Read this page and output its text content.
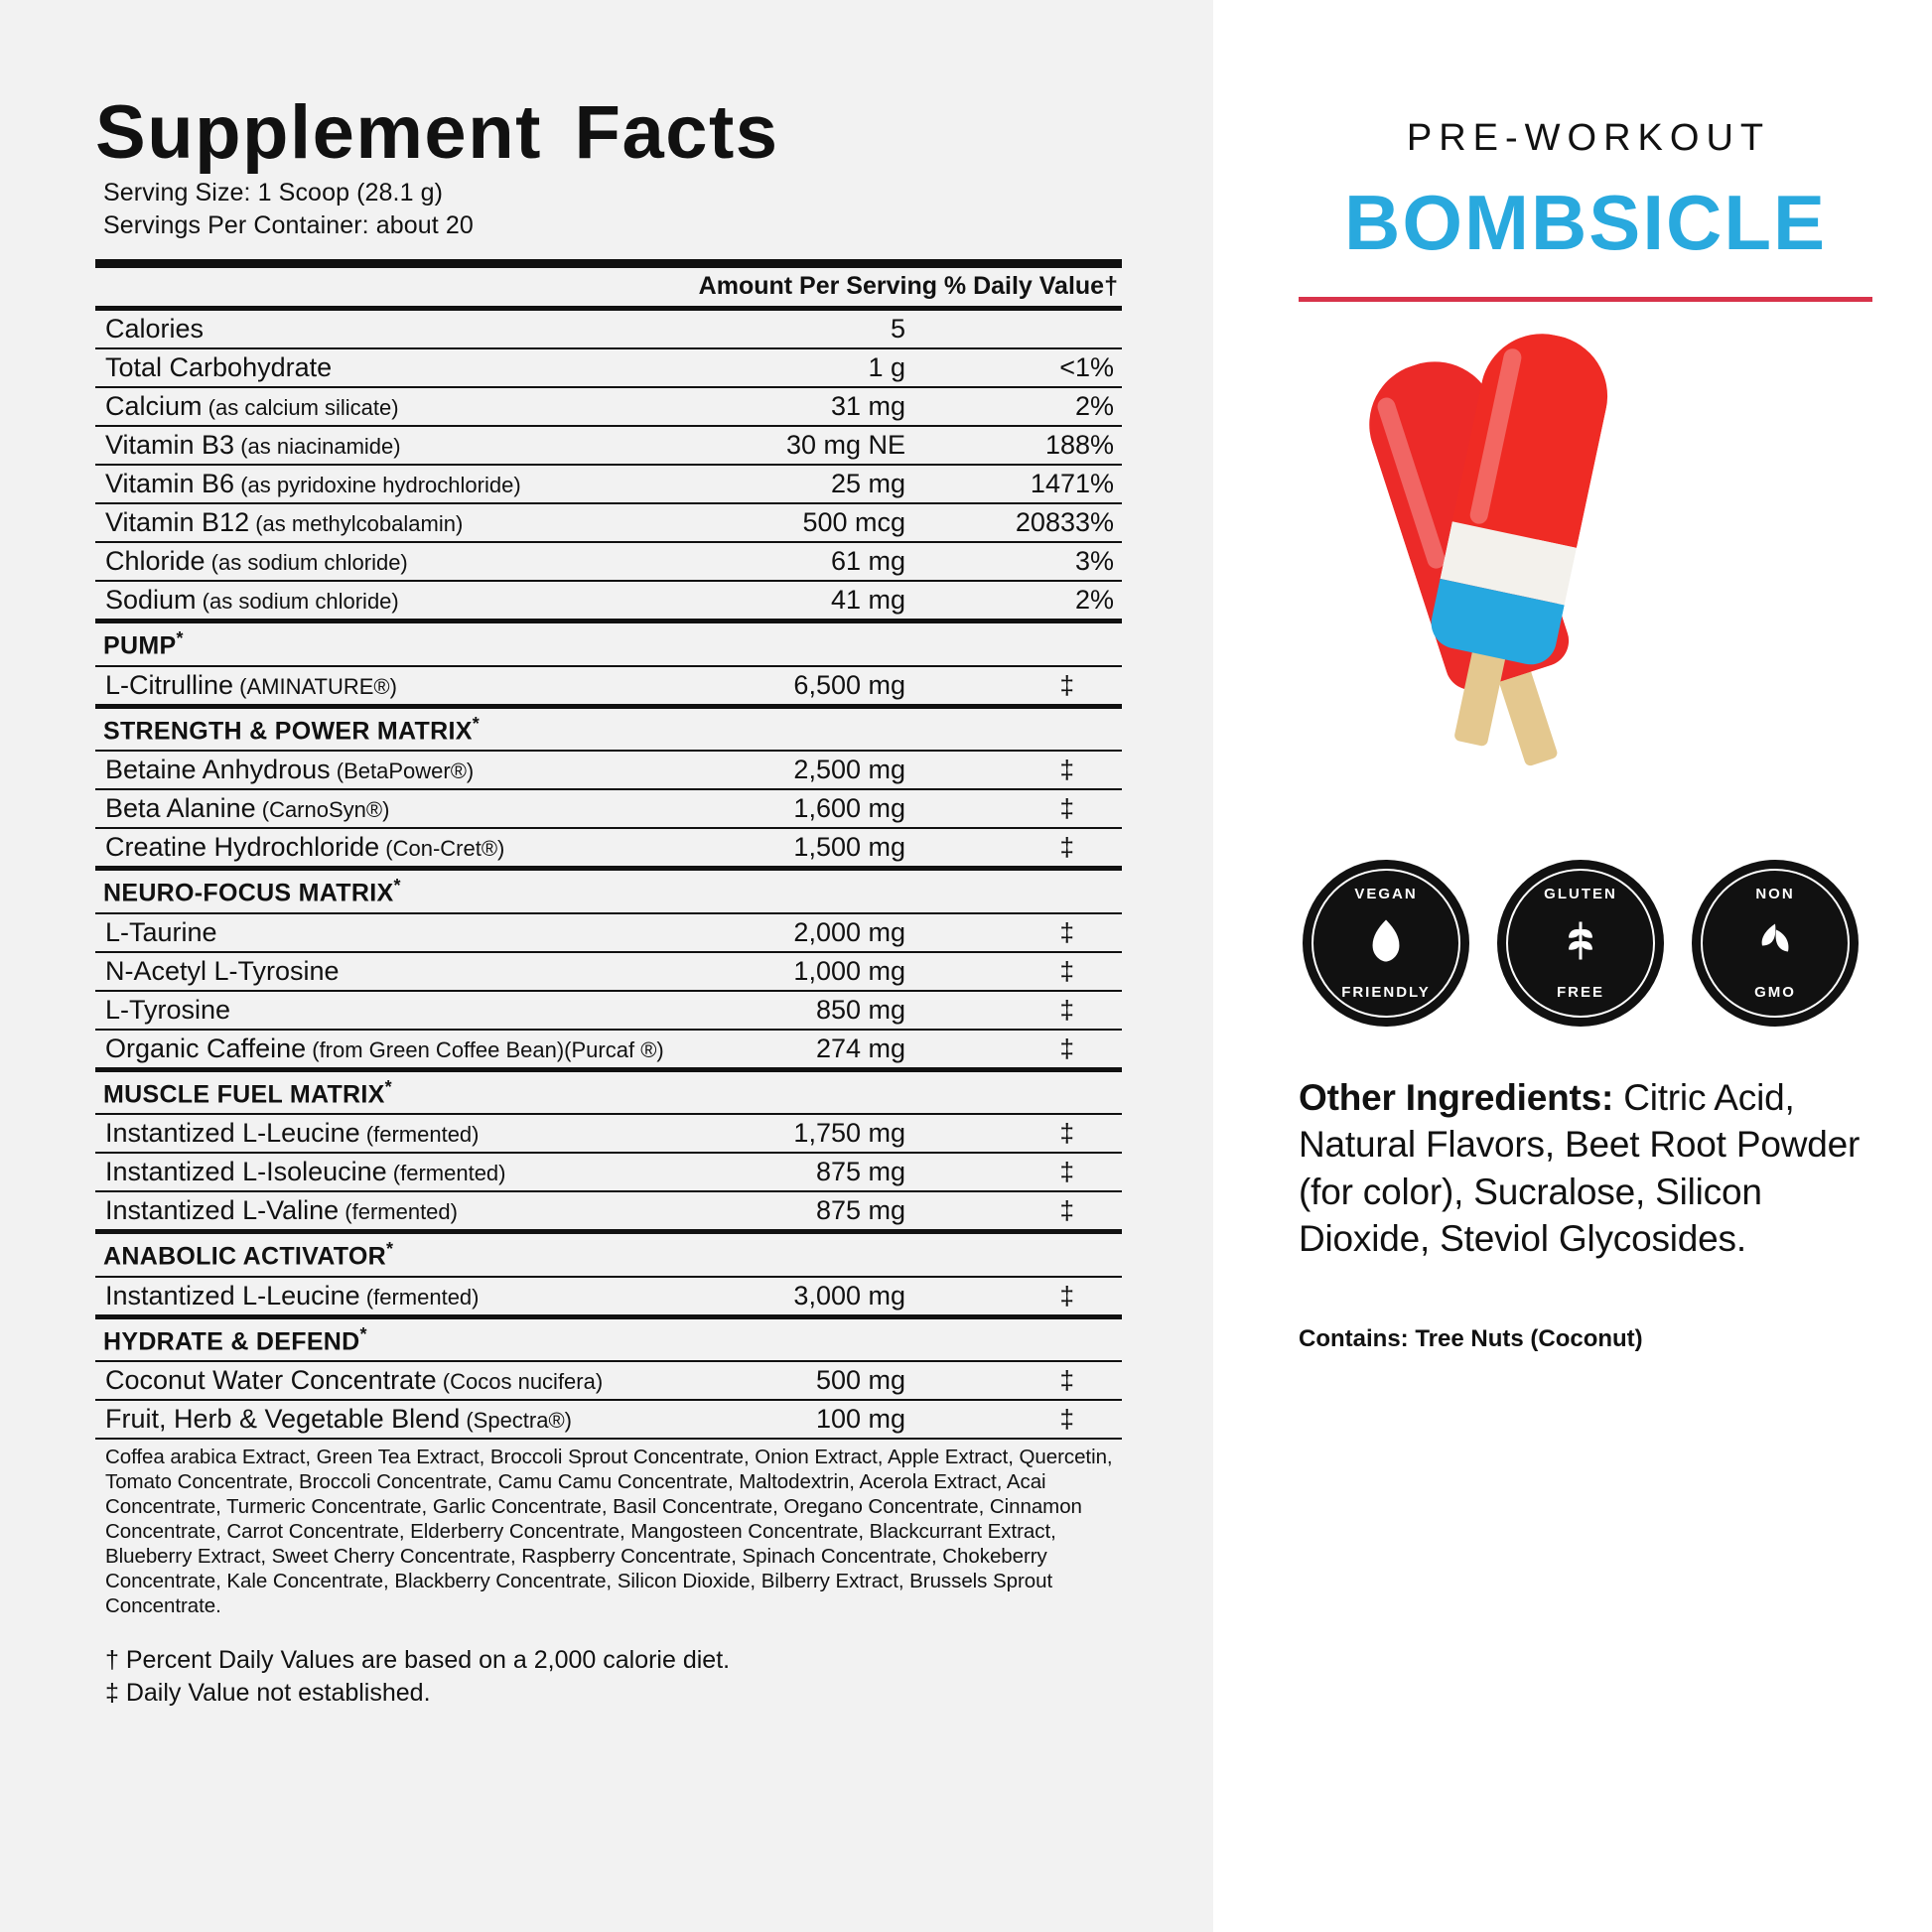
Supplement Facts
Serving Size: 1 Scoop (28.1 g)
Servings Per Container: about 20
	Amount Per Serving	% Daily Value†
Calories	5	
Total Carbohydrate	1 g	<1%
Calcium (as calcium silicate)	31 mg	2%
Vitamin B3 (as niacinamide)	30 mg NE	188%
Vitamin B6 (as pyridoxine hydrochloride)	25 mg	1471%
Vitamin B12 (as methylcobalamin)	500 mcg	20833%
Chloride (as sodium chloride)	61 mg	3%
Sodium (as sodium chloride)	41 mg	2%
PUMP*
L-Citrulline (AMINATURE®)	6,500 mg	‡
STRENGTH & POWER MATRIX*
Betaine Anhydrous (BetaPower®)	2,500 mg	‡
Beta Alanine (CarnoSyn®)	1,600 mg	‡
Creatine Hydrochloride (Con-Cret®)	1,500 mg	‡
NEURO-FOCUS MATRIX*
L-Taurine	2,000 mg	‡
N-Acetyl L-Tyrosine	1,000 mg	‡
L-Tyrosine	850 mg	‡
Organic Caffeine (from Green Coffee Bean)(Purcaf ®)	274 mg	‡
MUSCLE FUEL MATRIX*
Instantized L-Leucine (fermented)	1,750 mg	‡
Instantized L-Isoleucine (fermented)	875 mg	‡
Instantized L-Valine (fermented)	875 mg	‡
ANABOLIC ACTIVATOR*
Instantized L-Leucine (fermented)	3,000 mg	‡
HYDRATE & DEFEND*
Coconut Water Concentrate (Cocos nucifera)	500 mg	‡
Fruit, Herb & Vegetable Blend (Spectra®)	100 mg	‡

Coffea arabica Extract, Green Tea Extract, Broccoli Sprout Concentrate, Onion Extract, Apple Extract, Quercetin, Tomato Concentrate, Broccoli Concentrate, Camu Camu Concentrate, Maltodextrin, Acerola Extract, Acai Concentrate, Turmeric Concentrate, Garlic Concentrate, Basil Concentrate, Oregano Concentrate, Cinnamon Concentrate, Carrot Concentrate, Elderberry Concentrate, Mangosteen Concentrate, Blackcurrant Extract, Blueberry Extract, Sweet Cherry Concentrate, Raspberry Concentrate, Spinach Concentrate, Chokeberry Concentrate, Kale Concentrate, Blackberry Concentrate, Silicon Dioxide, Bilberry Extract, Brussels Sprout Concentrate.
† Percent Daily Values are based on a 2,000 calorie diet.
‡ Daily Value not established.
PRE-WORKOUT
BOMBSICLE
VEGAN
FRIENDLY
GLUTEN
FREE
NON
GMO
Other Ingredients: Citric Acid, Natural Flavors, Beet Root Powder (for color), Sucralose, Silicon Dioxide, Steviol Glycosides.
Contains: Tree Nuts (Coconut)
